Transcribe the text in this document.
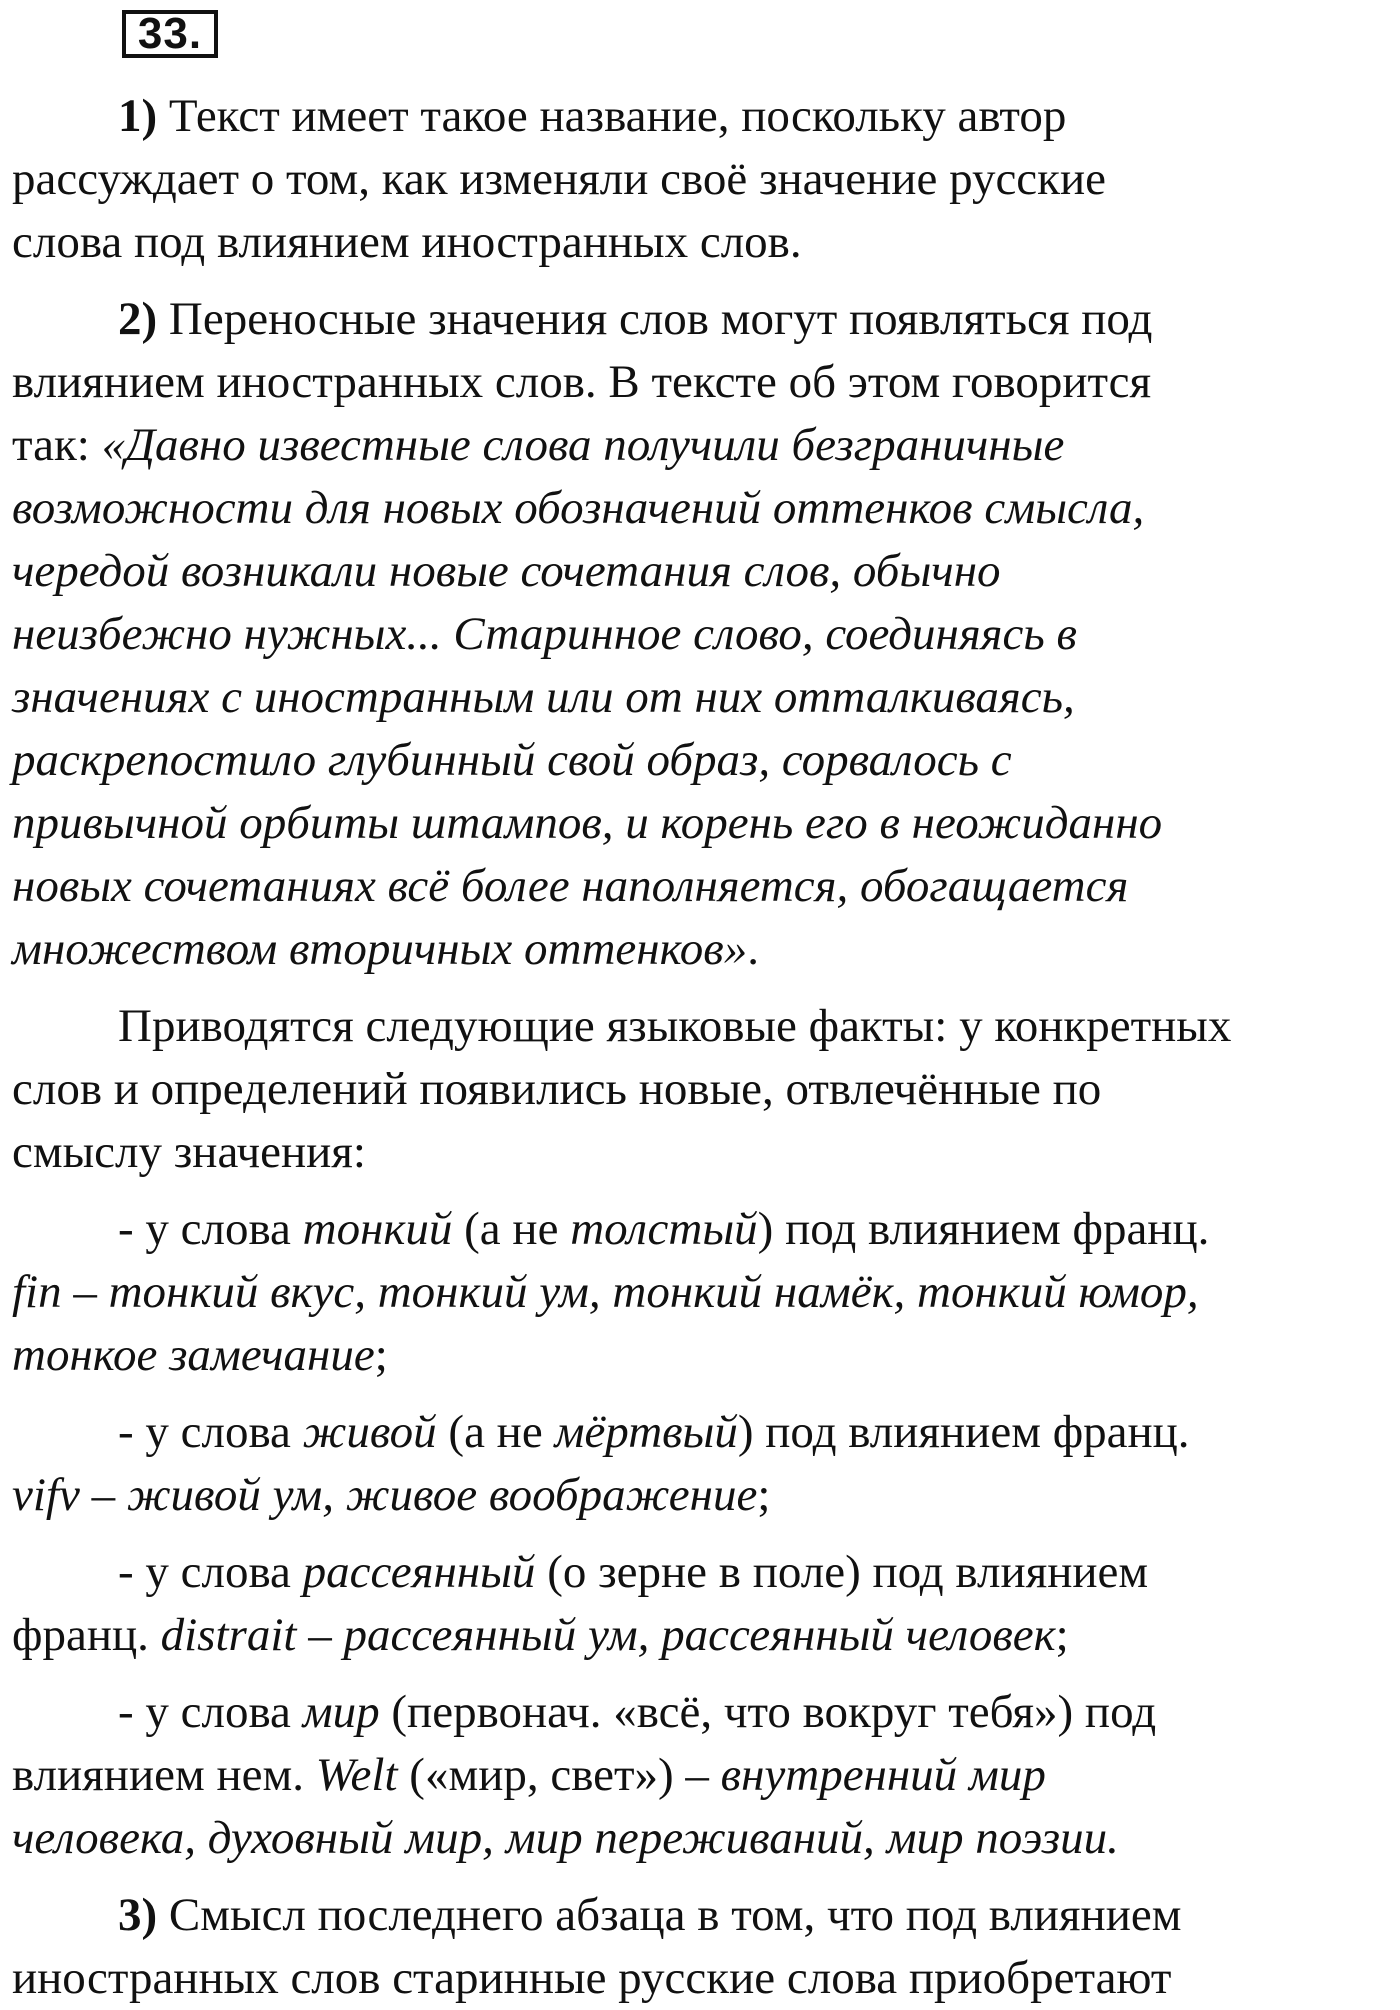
33.
1) Текст имеет такое название, поскольку автор
рассуждает о том, как изменяли своё значение русские
слова под влиянием иностранных слов.
2) Переносные значения слов могут появляться под
влиянием иностранных слов. В тексте об этом говорится
так: «Давно известные слова получили безграничные
возможности для новых обозначений оттенков смысла,
чередой возникали новые сочетания слов, обычно
неизбежно нужных... Старинное слово, соединяясь в
значениях с иностранным или от них отталкиваясь,
раскрепостило глубинный свой образ, сорвалось с
привычной орбиты штампов, и корень его в неожиданно
новых сочетаниях всё более наполняется, обогащается
множеством вторичных оттенков».
Приводятся следующие языковые факты: у конкретных
слов и определений появились новые, отвлечённые по
смыслу значения:
- у слова тонкий (а не толстый) под влиянием франц.
fin – тонкий вкус, тонкий ум, тонкий намёк, тонкий юмор,
тонкое замечание;
- у слова живой (а не мёртвый) под влиянием франц.
vifv – живой ум, живое воображение;
- у слова рассеянный (о зерне в поле) под влиянием
франц. distrait – рассеянный ум, рассеянный человек;
- у слова мир (первонач. «всё, что вокруг тебя») под
влиянием нем. Welt («мир, свет») – внутренний мир
человека, духовный мир, мир переживаний, мир поэзии.
3) Смысл последнего абзаца в том, что под влиянием
иностранных слов старинные русские слова приобретают
